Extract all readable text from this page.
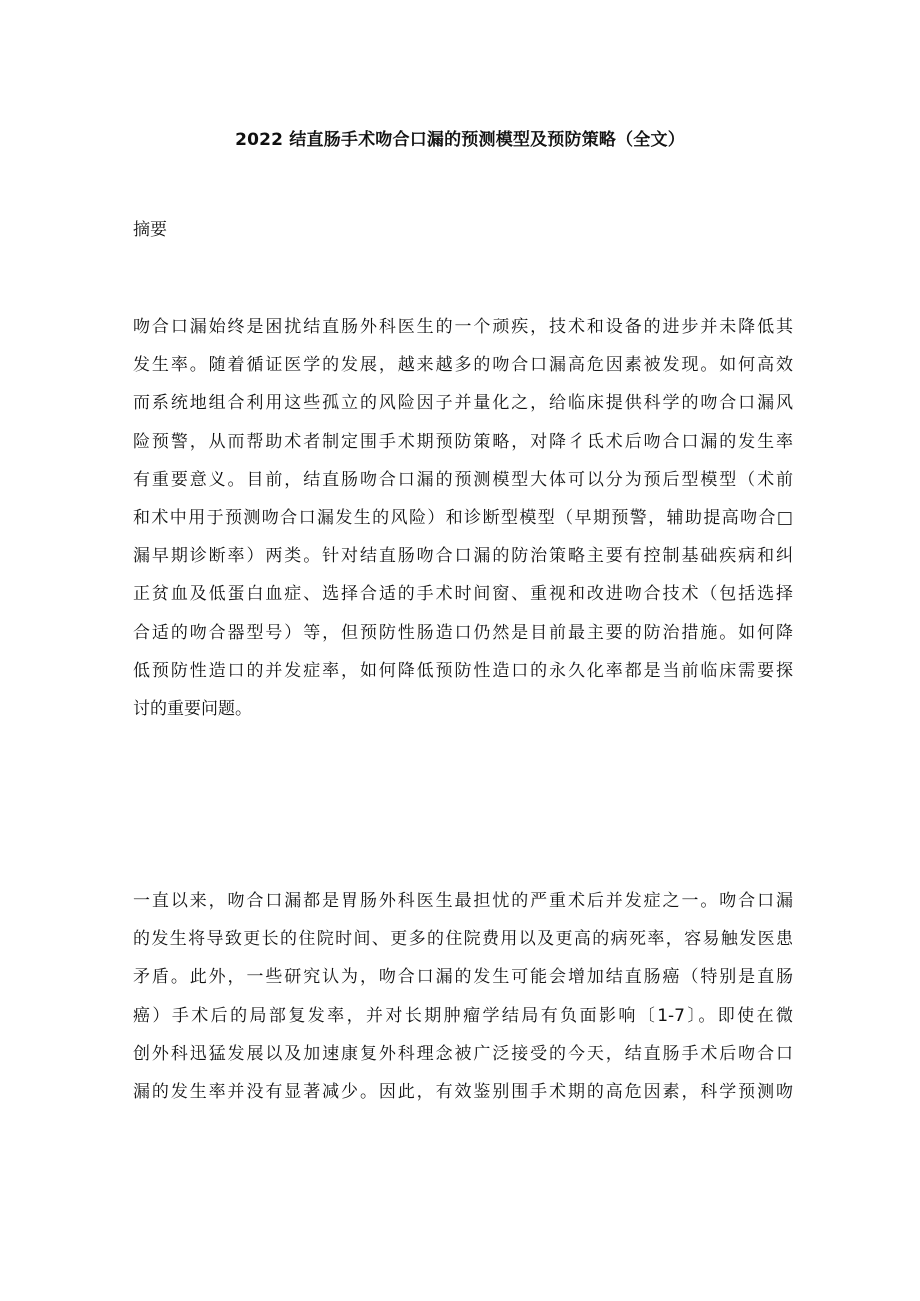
2022 结直肠手术吻合口漏的预测模型及预防策略（全文）
摘要
吻合口漏始终是困扰结直肠外科医生的一个顽疾，技术和设备的进步并未降低其
发生率。随着循证医学的发展，越来越多的吻合口漏高危因素被发现。如何高效
而系统地组合利用这些孤立的风险因子并量化之，给临床提供科学的吻合口漏风
险预警，从而帮助术者制定围手术期预防策略，对降彳氐术后吻合口漏的发生率
有重要意义。目前，结直肠吻合口漏的预测模型大体可以分为预后型模型（术前
和术中用于预测吻合口漏发生的风险）和诊断型模型（早期预警，辅助提高吻合□
漏早期诊断率）两类。针对结直肠吻合口漏的防治策略主要有控制基础疾病和纠
正贫血及低蛋白血症、选择合适的手术时间窗、重视和改进吻合技术（包括选择
合适的吻合器型号）等，但预防性肠造口仍然是目前最主要的防治措施。如何降
低预防性造口的并发症率，如何降低预防性造口的永久化率都是当前临床需要探
讨的重要问题。
一直以来，吻合口漏都是胃肠外科医生最担忧的严重术后并发症之一。吻合口漏
的发生将导致更长的住院时间、更多的住院费用以及更高的病死率，容易触发医患
矛盾。此外，一些研究认为，吻合口漏的发生可能会增加结直肠癌（特别是直肠
癌）手术后的局部复发率，并对长期肿瘤学结局有负面影响〔1-7〕。即使在微
创外科迅猛发展以及加速康复外科理念被广泛接受的今天，结直肠手术后吻合口
漏的发生率并没有显著减少。因此，有效鉴别围手术期的高危因素，科学预测吻
